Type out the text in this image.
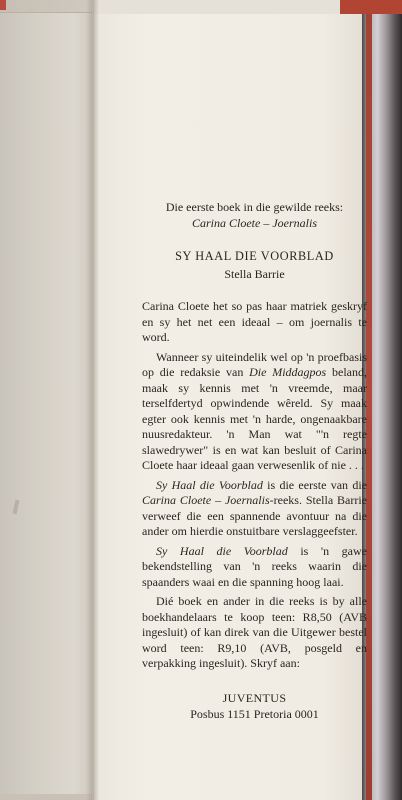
Die eerste boek in die gewilde reeks:
Carina Cloete – Joernalis

SY HAAL DIE VOORBLAD

Stella Barrie

Carina Cloete het so pas haar matriek geskryf en sy het net een ideaal – om joernalis te word.

Wanneer sy uiteindelik wel op 'n proefbasis op die redaksie van Die Middagpos beland, maak sy kennis met 'n vreemde, maar terselfdertyd opwindende wêreld. Sy maak egter ook kennis met 'n harde, ongenaakbare nuusredakteur. 'n Man wat "'n regte slawedrywer" is en wat kan besluit of Carina Cloete haar ideaal gaan verwesenlik of nie . . .

Sy Haal die Voorblad is die eerste van die Carina Cloete – Joernalis-reeks. Stella Barrie verweef die een spannende avontuur na die ander om hierdie onstuitbare verslaggeefster.

Sy Haal die Voorblad is 'n gawe bekendstelling van 'n reeks waarin die spaanders waai en die spanning hoog laai.

Dié boek en ander in die reeks is by alle boekhandelaars te koop teen: R8,50 (AVB ingesluit) of kan direk van die Uitgewer bestel word teen: R9,10 (AVB, posgeld en verpakking ingesluit). Skryf aan:

JUVENTUS

Posbus 1151 Pretoria 0001
